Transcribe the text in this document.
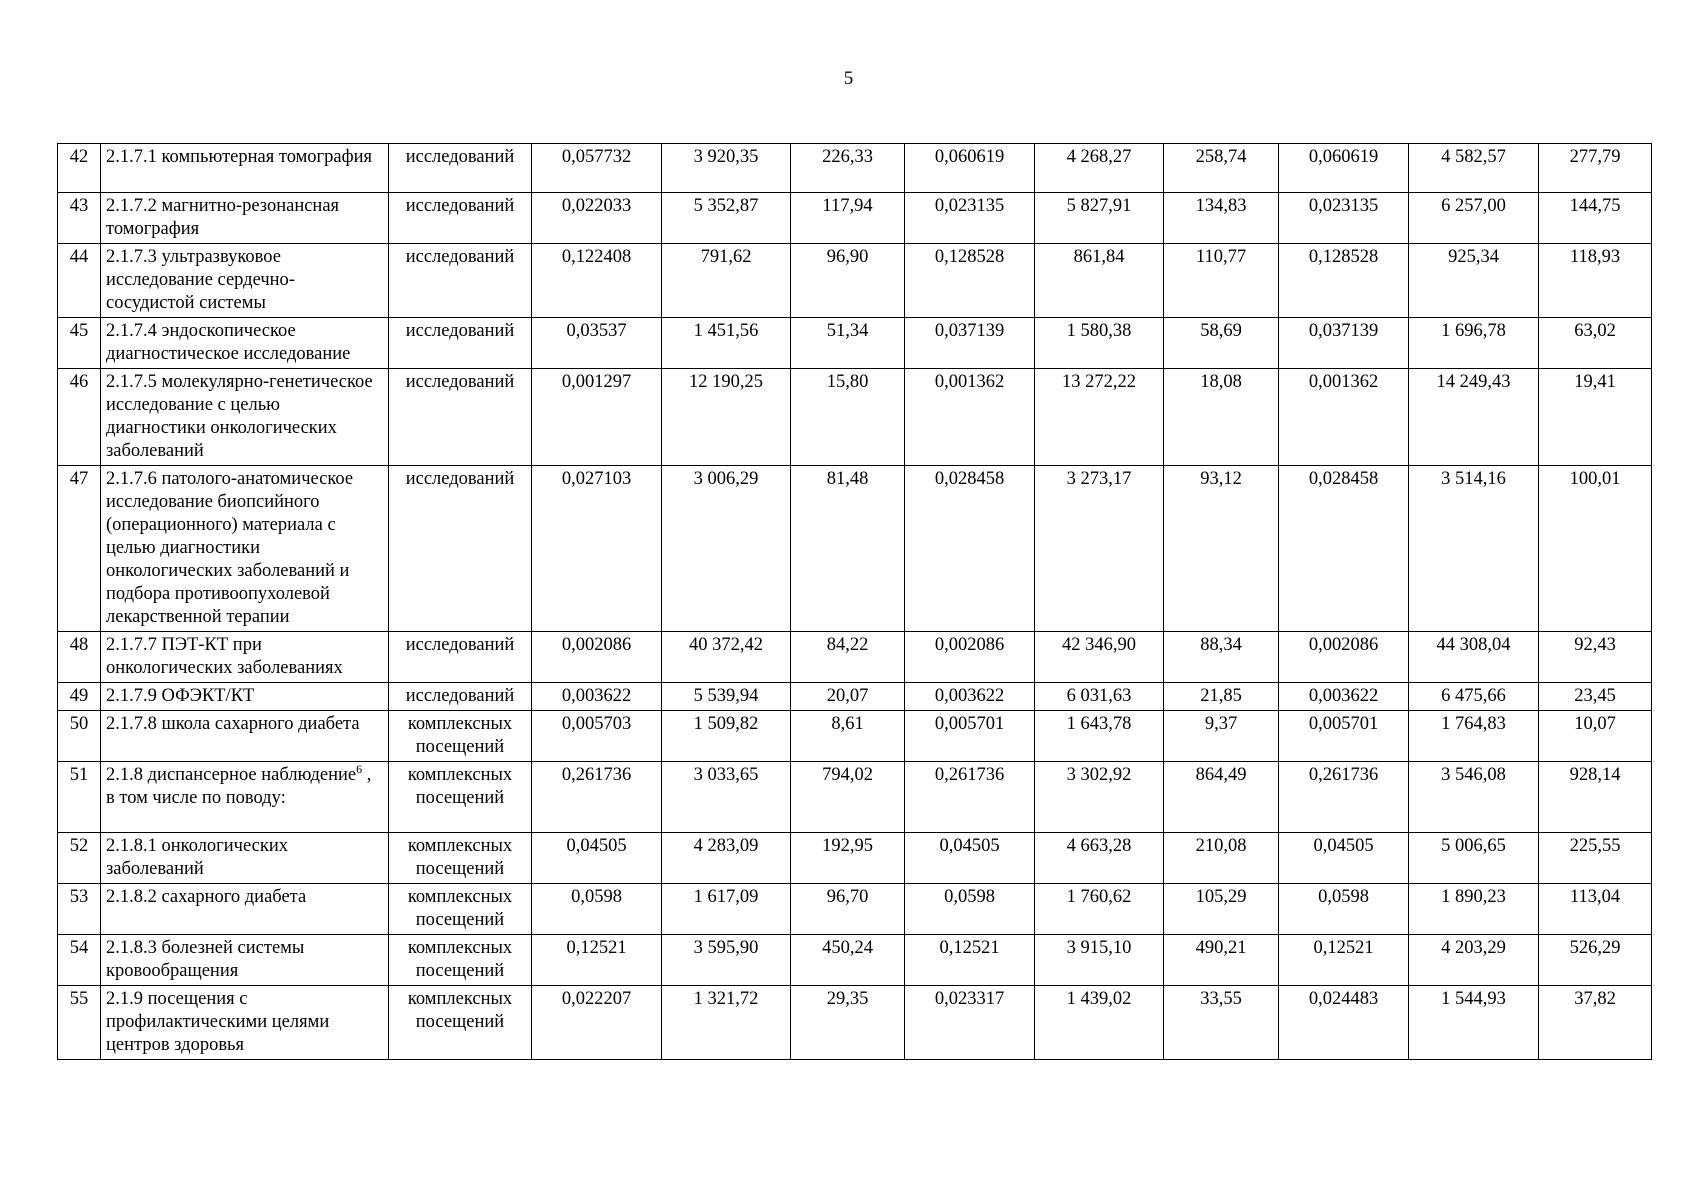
5
42	2.1.7.1 компьютерная томография	исследований	0,057732	3 920,35	226,33	0,060619	4 268,27	258,74	0,060619	4 582,57	277,79
43	2.1.7.2 магнитно-резонансная томография	исследований	0,022033	5 352,87	117,94	0,023135	5 827,91	134,83	0,023135	6 257,00	144,75
44	2.1.7.3 ультразвуковое исследование сердечно-сосудистой системы	исследований	0,122408	791,62	96,90	0,128528	861,84	110,77	0,128528	925,34	118,93
45	2.1.7.4 эндоскопическое диагностическое исследование	исследований	0,03537	1 451,56	51,34	0,037139	1 580,38	58,69	0,037139	1 696,78	63,02
46	2.1.7.5 молекулярно-генетическое исследование с целью диагностики онкологических заболеваний	исследований	0,001297	12 190,25	15,80	0,001362	13 272,22	18,08	0,001362	14 249,43	19,41
47	2.1.7.6 патолого-анатомическое исследование биопсийного (операционного) материала с целью диагностики онкологических заболеваний и подбора противоопухолевой лекарственной терапии	исследований	0,027103	3 006,29	81,48	0,028458	3 273,17	93,12	0,028458	3 514,16	100,01
48	2.1.7.7 ПЭТ-КТ при онкологических заболеваниях	исследований	0,002086	40 372,42	84,22	0,002086	42 346,90	88,34	0,002086	44 308,04	92,43
49	2.1.7.9 ОФЭКТ/КТ	исследований	0,003622	5 539,94	20,07	0,003622	6 031,63	21,85	0,003622	6 475,66	23,45
50	2.1.7.8 школа сахарного диабета	комплексных посещений	0,005703	1 509,82	8,61	0,005701	1 643,78	9,37	0,005701	1 764,83	10,07
51	2.1.8 диспансерное наблюдение$^6$ , в том числе по поводу:	комплексных посещений	0,261736	3 033,65	794,02	0,261736	3 302,92	864,49	0,261736	3 546,08	928,14
52	2.1.8.1 онкологических заболеваний	комплексных посещений	0,04505	4 283,09	192,95	0,04505	4 663,28	210,08	0,04505	5 006,65	225,55
53	2.1.8.2 сахарного диабета	комплексных посещений	0,0598	1 617,09	96,70	0,0598	1 760,62	105,29	0,0598	1 890,23	113,04
54	2.1.8.3 болезней системы кровообращения	комплексных посещений	0,12521	3 595,90	450,24	0,12521	3 915,10	490,21	0,12521	4 203,29	526,29
55	2.1.9 посещения с профилактическими целями центров здоровья	комплексных посещений	0,022207	1 321,72	29,35	0,023317	1 439,02	33,55	0,024483	1 544,93	37,82
